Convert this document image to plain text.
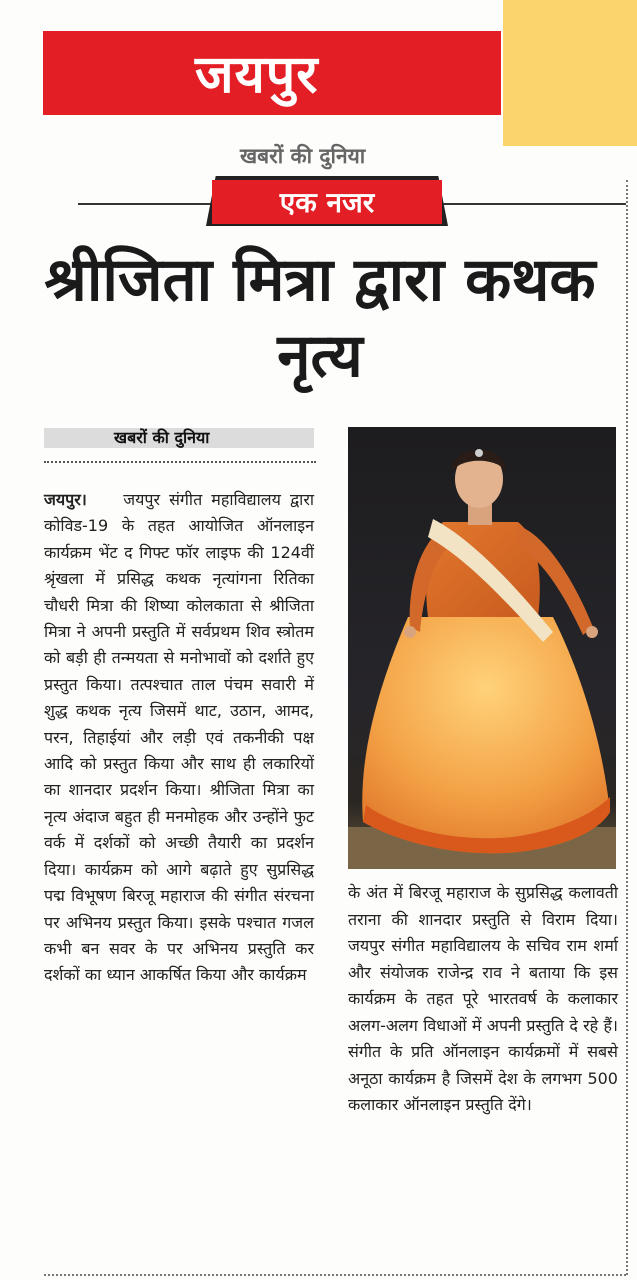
जयपुर
खबरों की दुनिया
एक नजर
श्रीजिता मित्रा द्वारा कथक नृत्य
खबरों की दुनिया

जयपुर। जयपुर संगीत महाविद्यालय द्वारा कोविड-19 के तहत आयोजित ऑनलाइन कार्यक्रम भेंट द गिफ्ट फॉर लाइफ की 124वीं श्रृंखला में प्रसिद्ध कथक नृत्यांगना रितिका चौधरी मित्रा की शिष्या कोलकाता से श्रीजिता मित्रा ने अपनी प्रस्तुति में सर्वप्रथम शिव स्त्रोतम को बड़ी ही तन्मयता से मनोभावों को दर्शाते हुए प्रस्तुत किया। तत्पश्चात ताल पंचम सवारी में शुद्ध कथक नृत्य जिसमें थाट, उठान, आमद, परन, तिहाईयां और लड़ी एवं तकनीकी पक्ष आदि को प्रस्तुत किया और साथ ही लकारियों का शानदार प्रदर्शन किया। श्रीजिता मित्रा का नृत्य अंदाज बहुत ही मनमोहक और उन्होंने फुट वर्क में दर्शकों को अच्छी तैयारी का प्रदर्शन दिया। कार्यक्रम को आगे बढ़ाते हुए सुप्रसिद्ध पद्म विभूषण बिरजू महाराज की संगीत संरचना पर अभिनय प्रस्तुत किया। इसके पश्चात गजल कभी बन सवर के पर अभिनय प्रस्तुति कर दर्शकों का ध्यान आकर्षित किया और कार्यक्रम

के अंत में बिरजू महाराज के सुप्रसिद्ध कलावती तराना की शानदार प्रस्तुति से विराम दिया। जयपुर संगीत महाविद्यालय के सचिव राम शर्मा और संयोजक राजेन्द्र राव ने बताया कि इस कार्यक्रम के तहत पूरे भारतवर्ष के कलाकार अलग-अलग विधाओं में अपनी प्रस्तुति दे रहे हैं। संगीत के प्रति ऑनलाइन कार्यक्रमों में सबसे अनूठा कार्यक्रम है जिसमें देश के लगभग 500 कलाकार ऑनलाइन प्रस्तुति देंगे।
